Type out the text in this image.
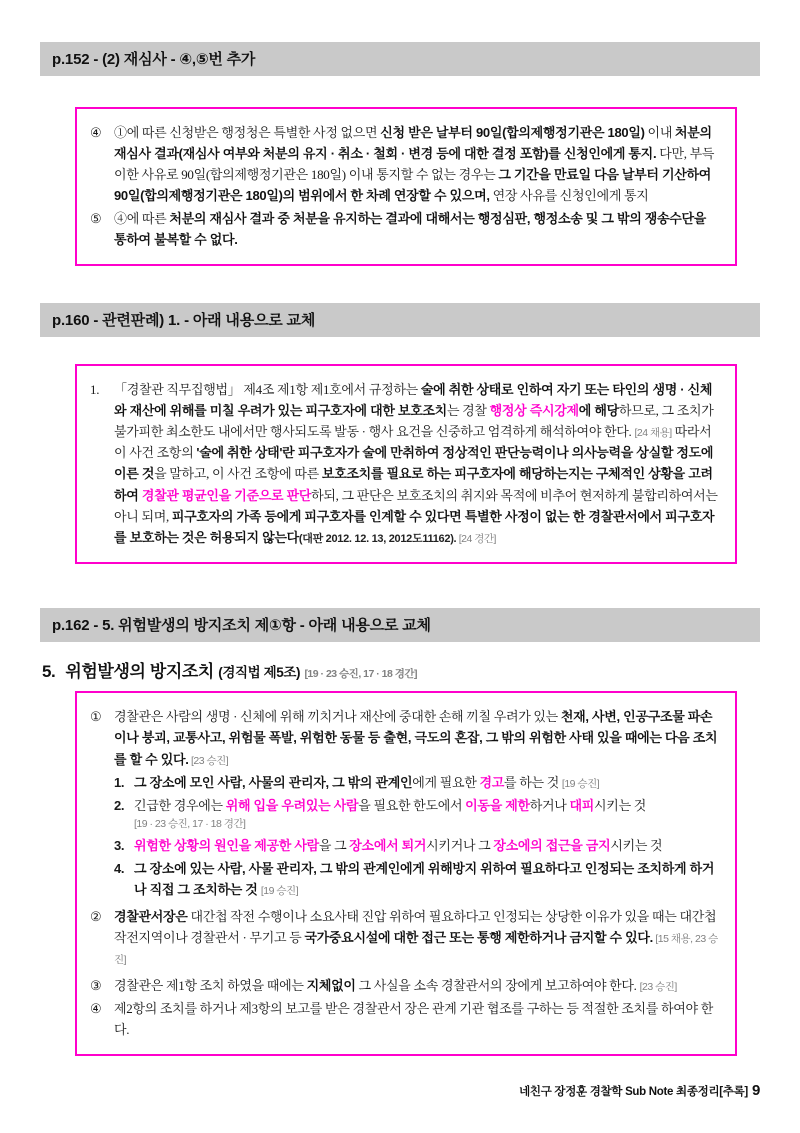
p.152 - (2) 재심사 - ④,⑤번 추가
④ ①에 따른 신청받은 행정청은 특별한 사정 없으면 신청 받은 날부터 90일(합의제행정기관은 180일) 이내 처분의 재심사 결과(재심사 여부와 처분의 유지 · 취소 · 철회 · 변경 등에 대한 결정 포함)를 신청인에게 통지. 다만, 부득이한 사유로 90일(합의제행정기관은 180일) 이내 통지할 수 없는 경우는 그 기간을 만료일 다음 날부터 기산하여 90일(합의제행정기관은 180일)의 범위에서 한 차례 연장할 수 있으며, 연장 사유를 신청인에게 통지
⑤ ④에 따른 처분의 재심사 결과 중 처분을 유지하는 결과에 대해서는 행정심판, 행정소송 및 그 밖의 쟁송수단을 통하여 불복할 수 없다.
p.160 - 관련판례) 1. - 아래 내용으로 교체
1.	「경찰관 직무집행법」 제4조 제1항 제1호에서 규정하는 술에 취한 상태로 인하여 자기 또는 타인의 생명 · 신체와 재산에 위해를 미칠 우려가 있는 피구호자에 대한 보호조치는 경찰 행정상 즉시강제에 해당하므로, 그 조치가 불가피한 최소한도 내에서만 행사되도록 발동 · 행사 요건을 신중하고 엄격하게 해석하여야 한다. [24 채용] 따라서 이 사건 조항의 '술에 취한 상태'란 피구호자가 술에 만취하여 정상적인 판단능력이나 의사능력을 상실할 정도에 이른 것을 말하고, 이 사건 조항에 따른 보호조치를 필요로 하는 피구호자에 해당하는지는 구체적인 상황을 고려하여 경찰관 평균인을 기준으로 판단하되, 그 판단은 보호조치의 취지와 목적에 비추어 현저하게 불합리하여서는 아니 되며, 피구호자의 가족 등에게 피구호자를 인계할 수 있다면 특별한 사정이 없는 한 경찰관서에서 피구호자를 보호하는 것은 허용되지 않는다(대판 2012. 12. 13, 2012도11162). [24 경간]
p.162 - 5. 위험발생의 방지조치 제①항 - 아래 내용으로 교체
5. 위험발생의 방지조치 (경직법 제5조) [19 · 23 승진, 17 · 18 경간]
① 경찰관은 사람의 생명 · 신체에 위해 끼치거나 재산에 중대한 손해 끼칠 우려가 있는 천재, 사변, 인공구조물 파손 이나 붕괴, 교통사고, 위험물 폭발, 위험한 동물 등 출현, 극도의 혼잡, 그 밖의 위험한 사태 있을 때에는 다음 조치를 할 수 있다. [23 승진]
1. 그 장소에 모인 사람, 사물의 관리자, 그 밖의 관계인에게 필요한 경고를 하는 것 [19 승진]
2. 긴급한 경우에는 위해 입을 우려있는 사람을 필요한 한도에서 이동을 제한하거나 대피시키는 것
[19 · 23 승진, 17 · 18 경간]
3. 위험한 상황의 원인을 제공한 사람을 그 장소에서 퇴거시키거나 그 장소에의 접근을 금지시키는 것
4. 그 장소에 있는 사람, 사물 관리자, 그 밖의 관계인에게 위해방지 위하여 필요하다고 인정되는 조치하게 하거나 직접 그 조치하는 것 [19 승진]
② 경찰관서장은 대간첩 작전 수행이나 소요사태 진압 위하여 필요하다고 인정되는 상당한 이유가 있을 때는 대간첩 작전지역이나 경찰관서 · 무기고 등 국가중요시설에 대한 접근 또는 통행 제한하거나 금지할 수 있다. [15 채용, 23 승진]
③ 경찰관은 제1항 조치 하였을 때에는 지체없이 그 사실을 소속 경찰관서의 장에게 보고하여야 한다. [23 승진]
④ 제2항의 조치를 하거나 제3항의 보고를 받은 경찰관서 장은 관계 기관 협조를 구하는 등 적절한 조치를 하여야 한다.
네친구 장정훈 경찰학 Sub Note 최종정리[추록] 9
